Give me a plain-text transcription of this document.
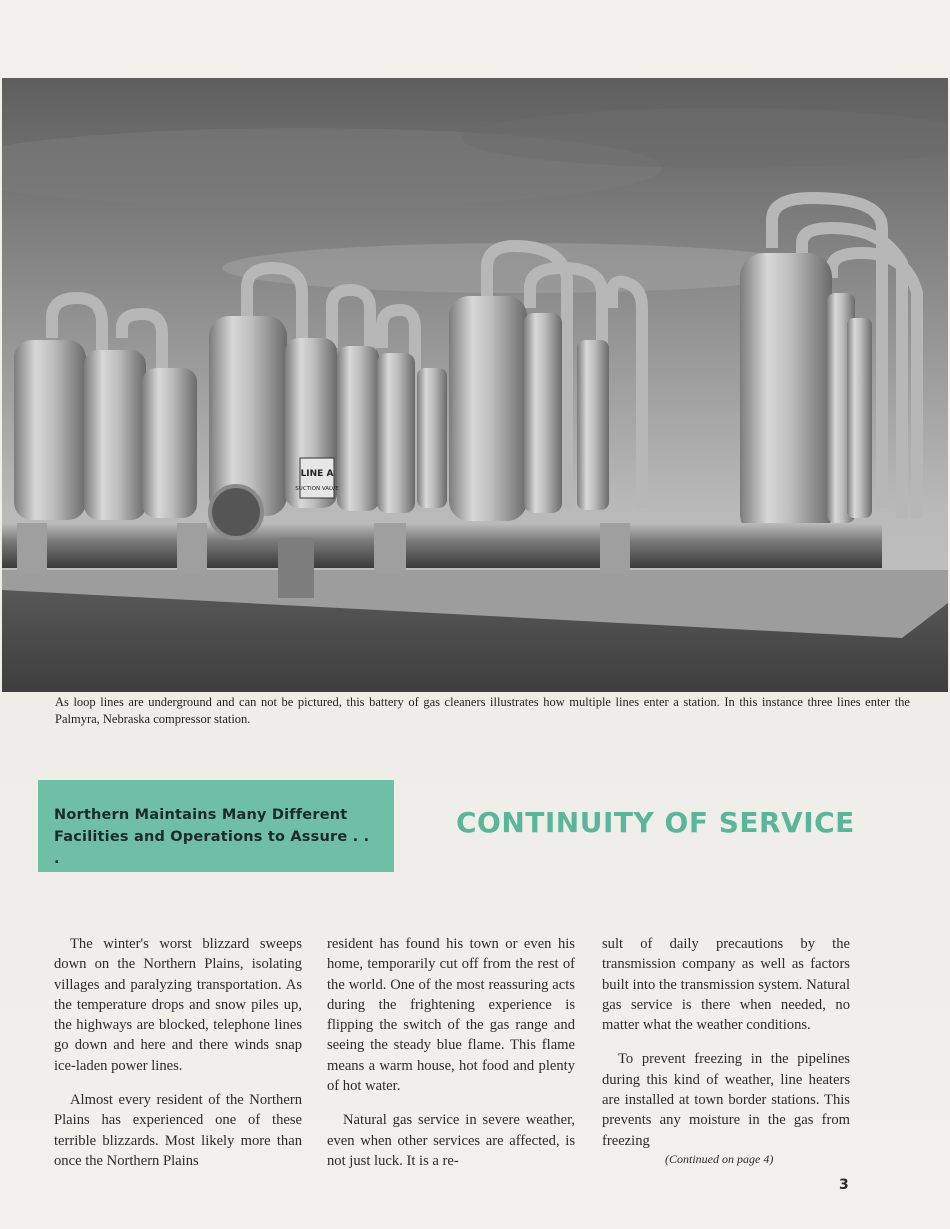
LINE A
SUCTION VALVE
As loop lines are underground and can not be pictured, this battery of gas cleaners illustrates how multiple lines enter a station. In this instance three lines enter the Palmyra, Nebraska compressor station.
Northern Maintains Many Different
Facilities and Operations to Assure . . .
CONTINUITY OF SERVICE

The winter's worst blizzard sweeps down on the Northern Plains, isolating villages and paralyzing transportation. As the temperature drops and snow piles up, the highways are blocked, telephone lines go down and here and there winds snap ice-laden power lines.

Almost every resident of the Northern Plains has experienced one of these terrible blizzards. Most likely more than once the Northern Plains

resident has found his town or even his home, temporarily cut off from the rest of the world. One of the most reassuring acts during the frightening experience is flipping the switch of the gas range and seeing the steady blue flame. This flame means a warm house, hot food and plenty of hot water.

Natural gas service in severe weather, even when other services are affected, is not just luck. It is a re-

sult of daily precautions by the transmission company as well as factors built into the transmission system. Natural gas service is there when needed, no matter what the weather conditions.

To prevent freezing in the pipelines during this kind of weather, line heaters are installed at town border stations. This prevents any moisture in the gas from freezing

(Continued on page 4)
3
